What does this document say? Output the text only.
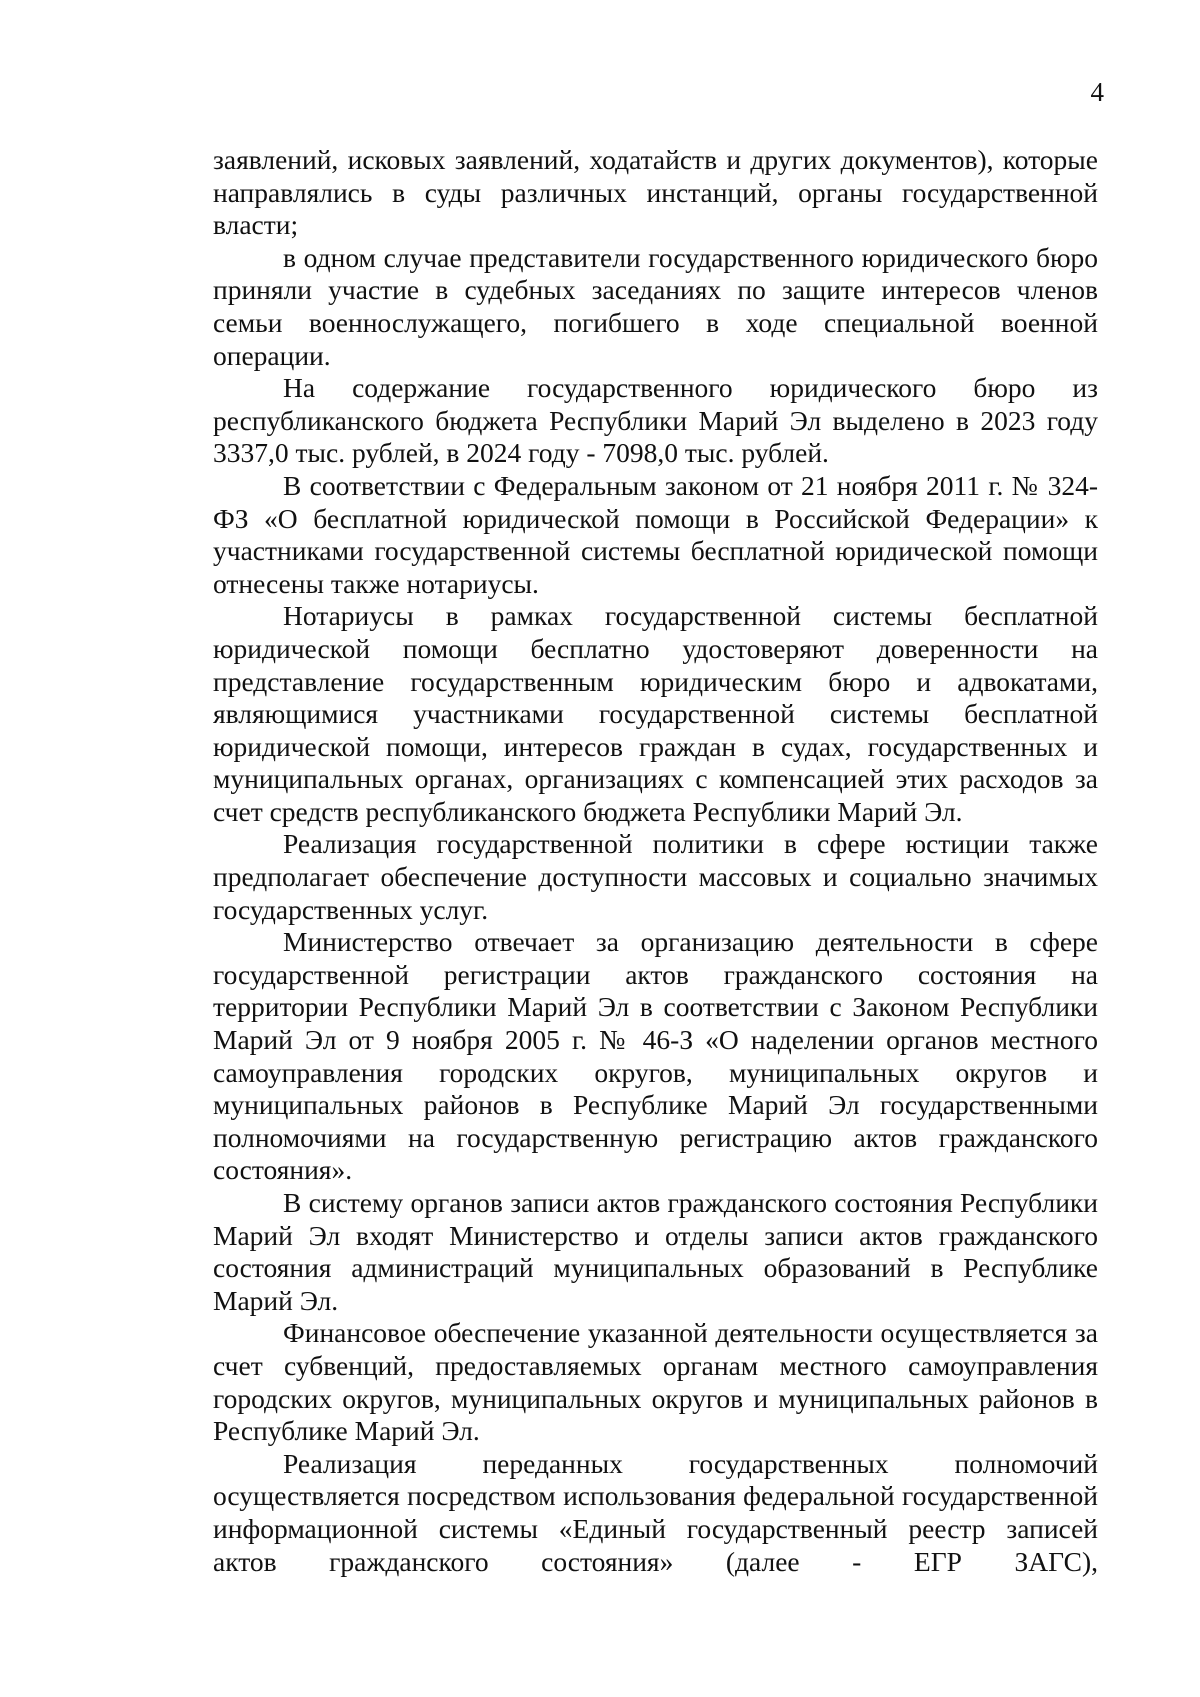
4

заявлений, исковых заявлений, ходатайств и других документов), которые направлялись в суды различных инстанций, органы государственной власти;

в одном случае представители государственного юридического бюро приняли участие в судебных заседаниях по защите интересов членов семьи военнослужащего, погибшего в ходе специальной военной операции.

На содержание государственного юридического бюро из республиканского бюджета Республики Марий Эл выделено в 2023 году 3337,0 тыс. рублей, в 2024 году - 7098,0 тыс. рублей.

В соответствии с Федеральным законом от 21 ноября 2011 г. № 324-ФЗ «О бесплатной юридической помощи в Российской Федерации» к участниками государственной системы бесплатной юридической помощи отнесены также нотариусы.

Нотариусы в рамках государственной системы бесплатной юридической помощи бесплатно удостоверяют доверенности на представление государственным юридическим бюро и адвокатами, являющимися участниками государственной системы бесплатной юридической помощи, интересов граждан в судах, государственных и муниципальных органах, организациях с компенсацией этих расходов за счет средств республиканского бюджета Республики Марий Эл.

Реализация государственной политики в сфере юстиции также предполагает обеспечение доступности массовых и социально значимых государственных услуг.

Министерство отвечает за организацию деятельности в сфере государственной регистрации актов гражданского состояния на территории Республики Марий Эл в соответствии с Законом Республики Марий Эл от 9 ноября 2005 г. № 46-З «О наделении органов местного самоуправления городских округов, муниципальных округов и муниципальных районов в Республике Марий Эл государственными полномочиями на государственную регистрацию актов гражданского состояния».

В систему органов записи актов гражданского состояния Республики Марий Эл входят Министерство и отделы записи актов гражданского состояния администраций муниципальных образований в Республике Марий Эл.

Финансовое обеспечение указанной деятельности осуществляется за счет субвенций, предоставляемых органам местного самоуправления городских округов, муниципальных округов и муниципальных районов в Республике Марий Эл.

Реализация переданных государственных полномочий осуществляется посредством использования федеральной государственной информационной системы «Единый государственный реестр записей актов гражданского состояния» (далее - ЕГР ЗАГС),
